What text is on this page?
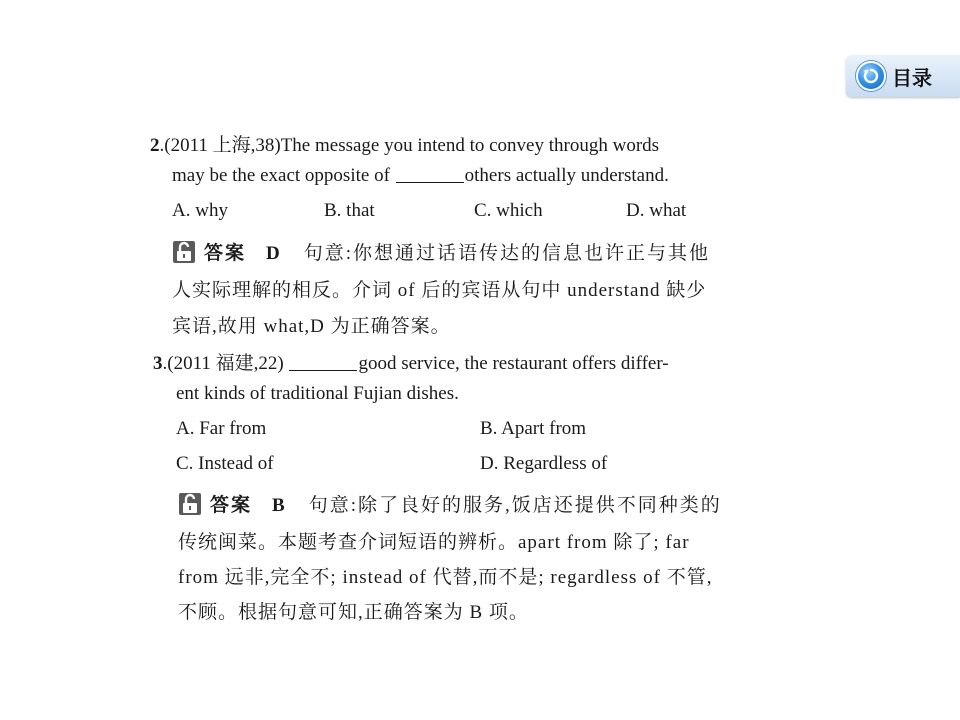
目录
2.(2011 上海,38)The message you intend to convey through words
may be the exact opposite of	others actually understand.
A. why	B. that	C. which	D. what
答案 D 句意:你想通过话语传达的信息也许正与其他
人实际理解的相反。介词 of 后的宾语从句中 understand 缺少
宾语,故用 what,D 为正确答案。
3.(2011 福建,22)	good service, the restaurant offers differ-
ent kinds of traditional Fujian dishes.
A. Far from	B. Apart from
C. Instead of	D. Regardless of
答案 B 句意:除了良好的服务,饭店还提供不同种类的
传统闽菜。本题考查介词短语的辨析。apart from 除了; far
from 远非,完全不; instead of 代替,而不是; regardless of 不管,
不顾。根据句意可知,正确答案为 B 项。
